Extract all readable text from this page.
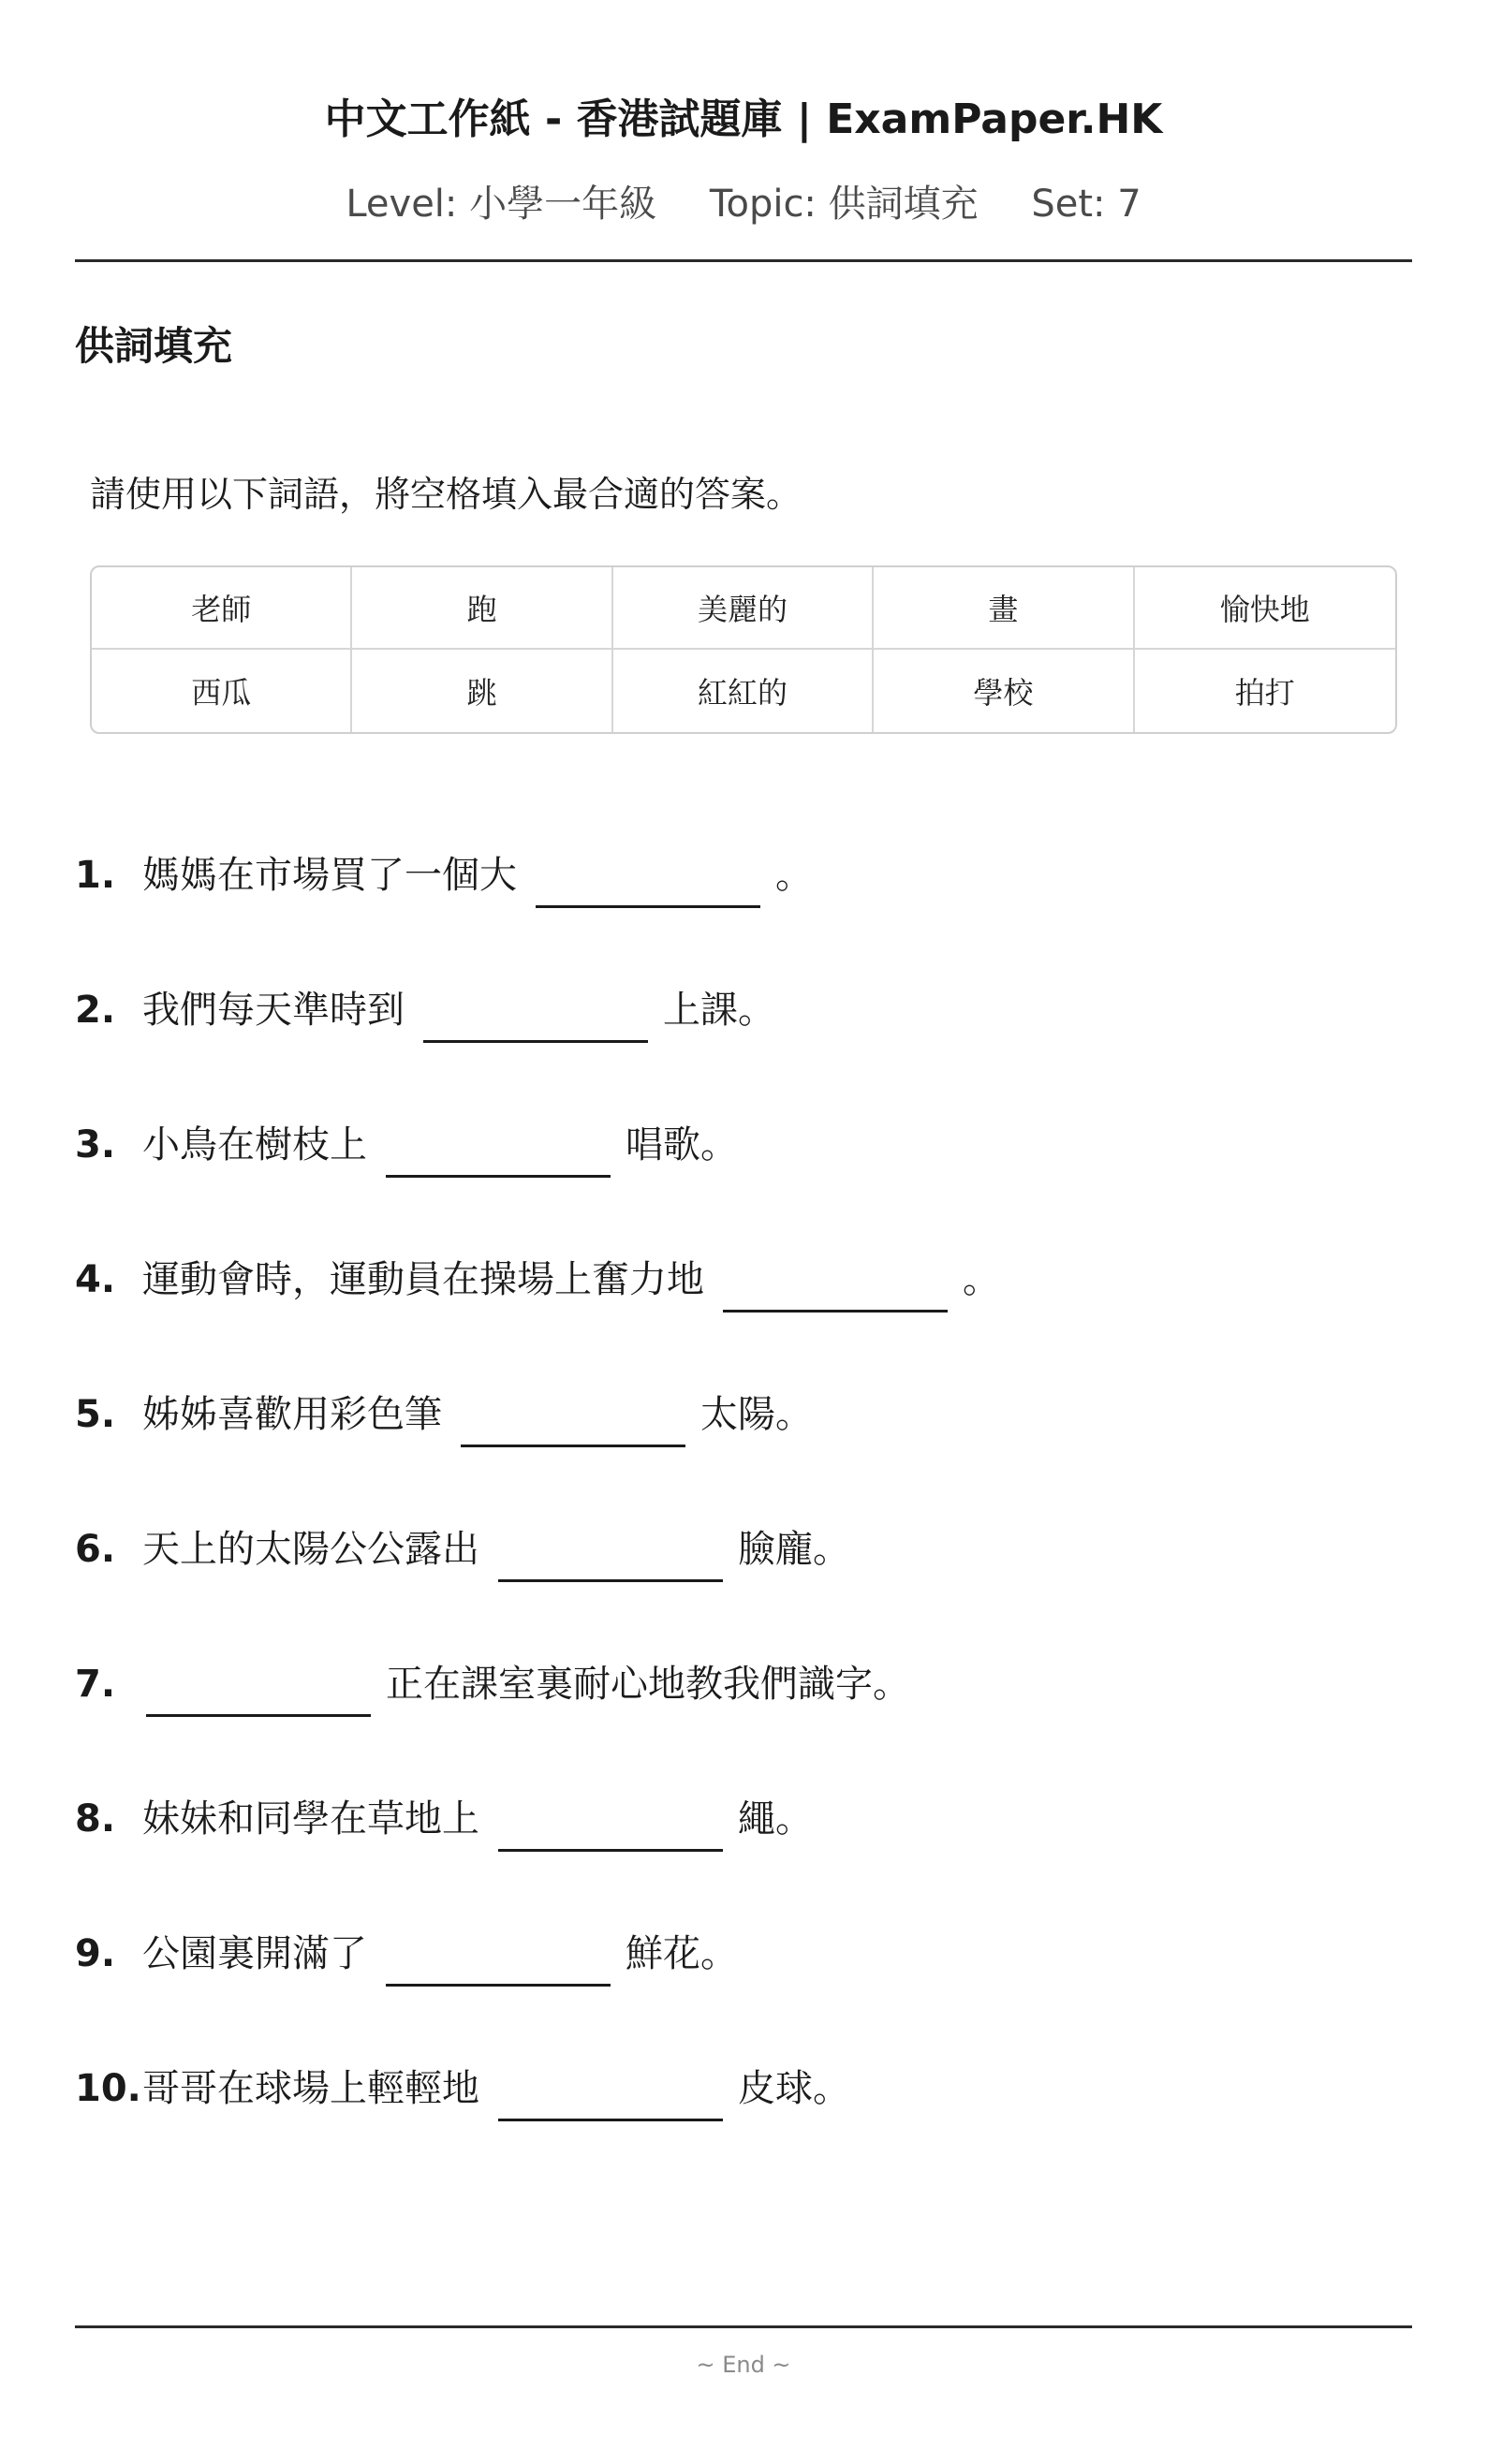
中文工作紙 - 香港試題庫 | ExamPaper.HK
Level: 小學一年級 Topic: 供詞填充 Set: 7
供詞填充
請使用以下詞語，將空格填入最合適的答案。
老師	跑	美麗的	畫	愉快地
西瓜	跳	紅紅的	學校	拍打
1. 媽媽在市場買了一個大	。
2. 我們每天準時到	上課。
3. 小鳥在樹枝上	唱歌。
4. 運動會時，運動員在操場上奮力地	。
5. 姊姊喜歡用彩色筆	太陽。
6. 天上的太陽公公露出	臉龐。
7.	正在課室裏耐心地教我們識字。
8. 妹妹和同學在草地上	繩。
9. 公園裏開滿了	鮮花。
10. 哥哥在球場上輕輕地	皮球。
~ End ~
